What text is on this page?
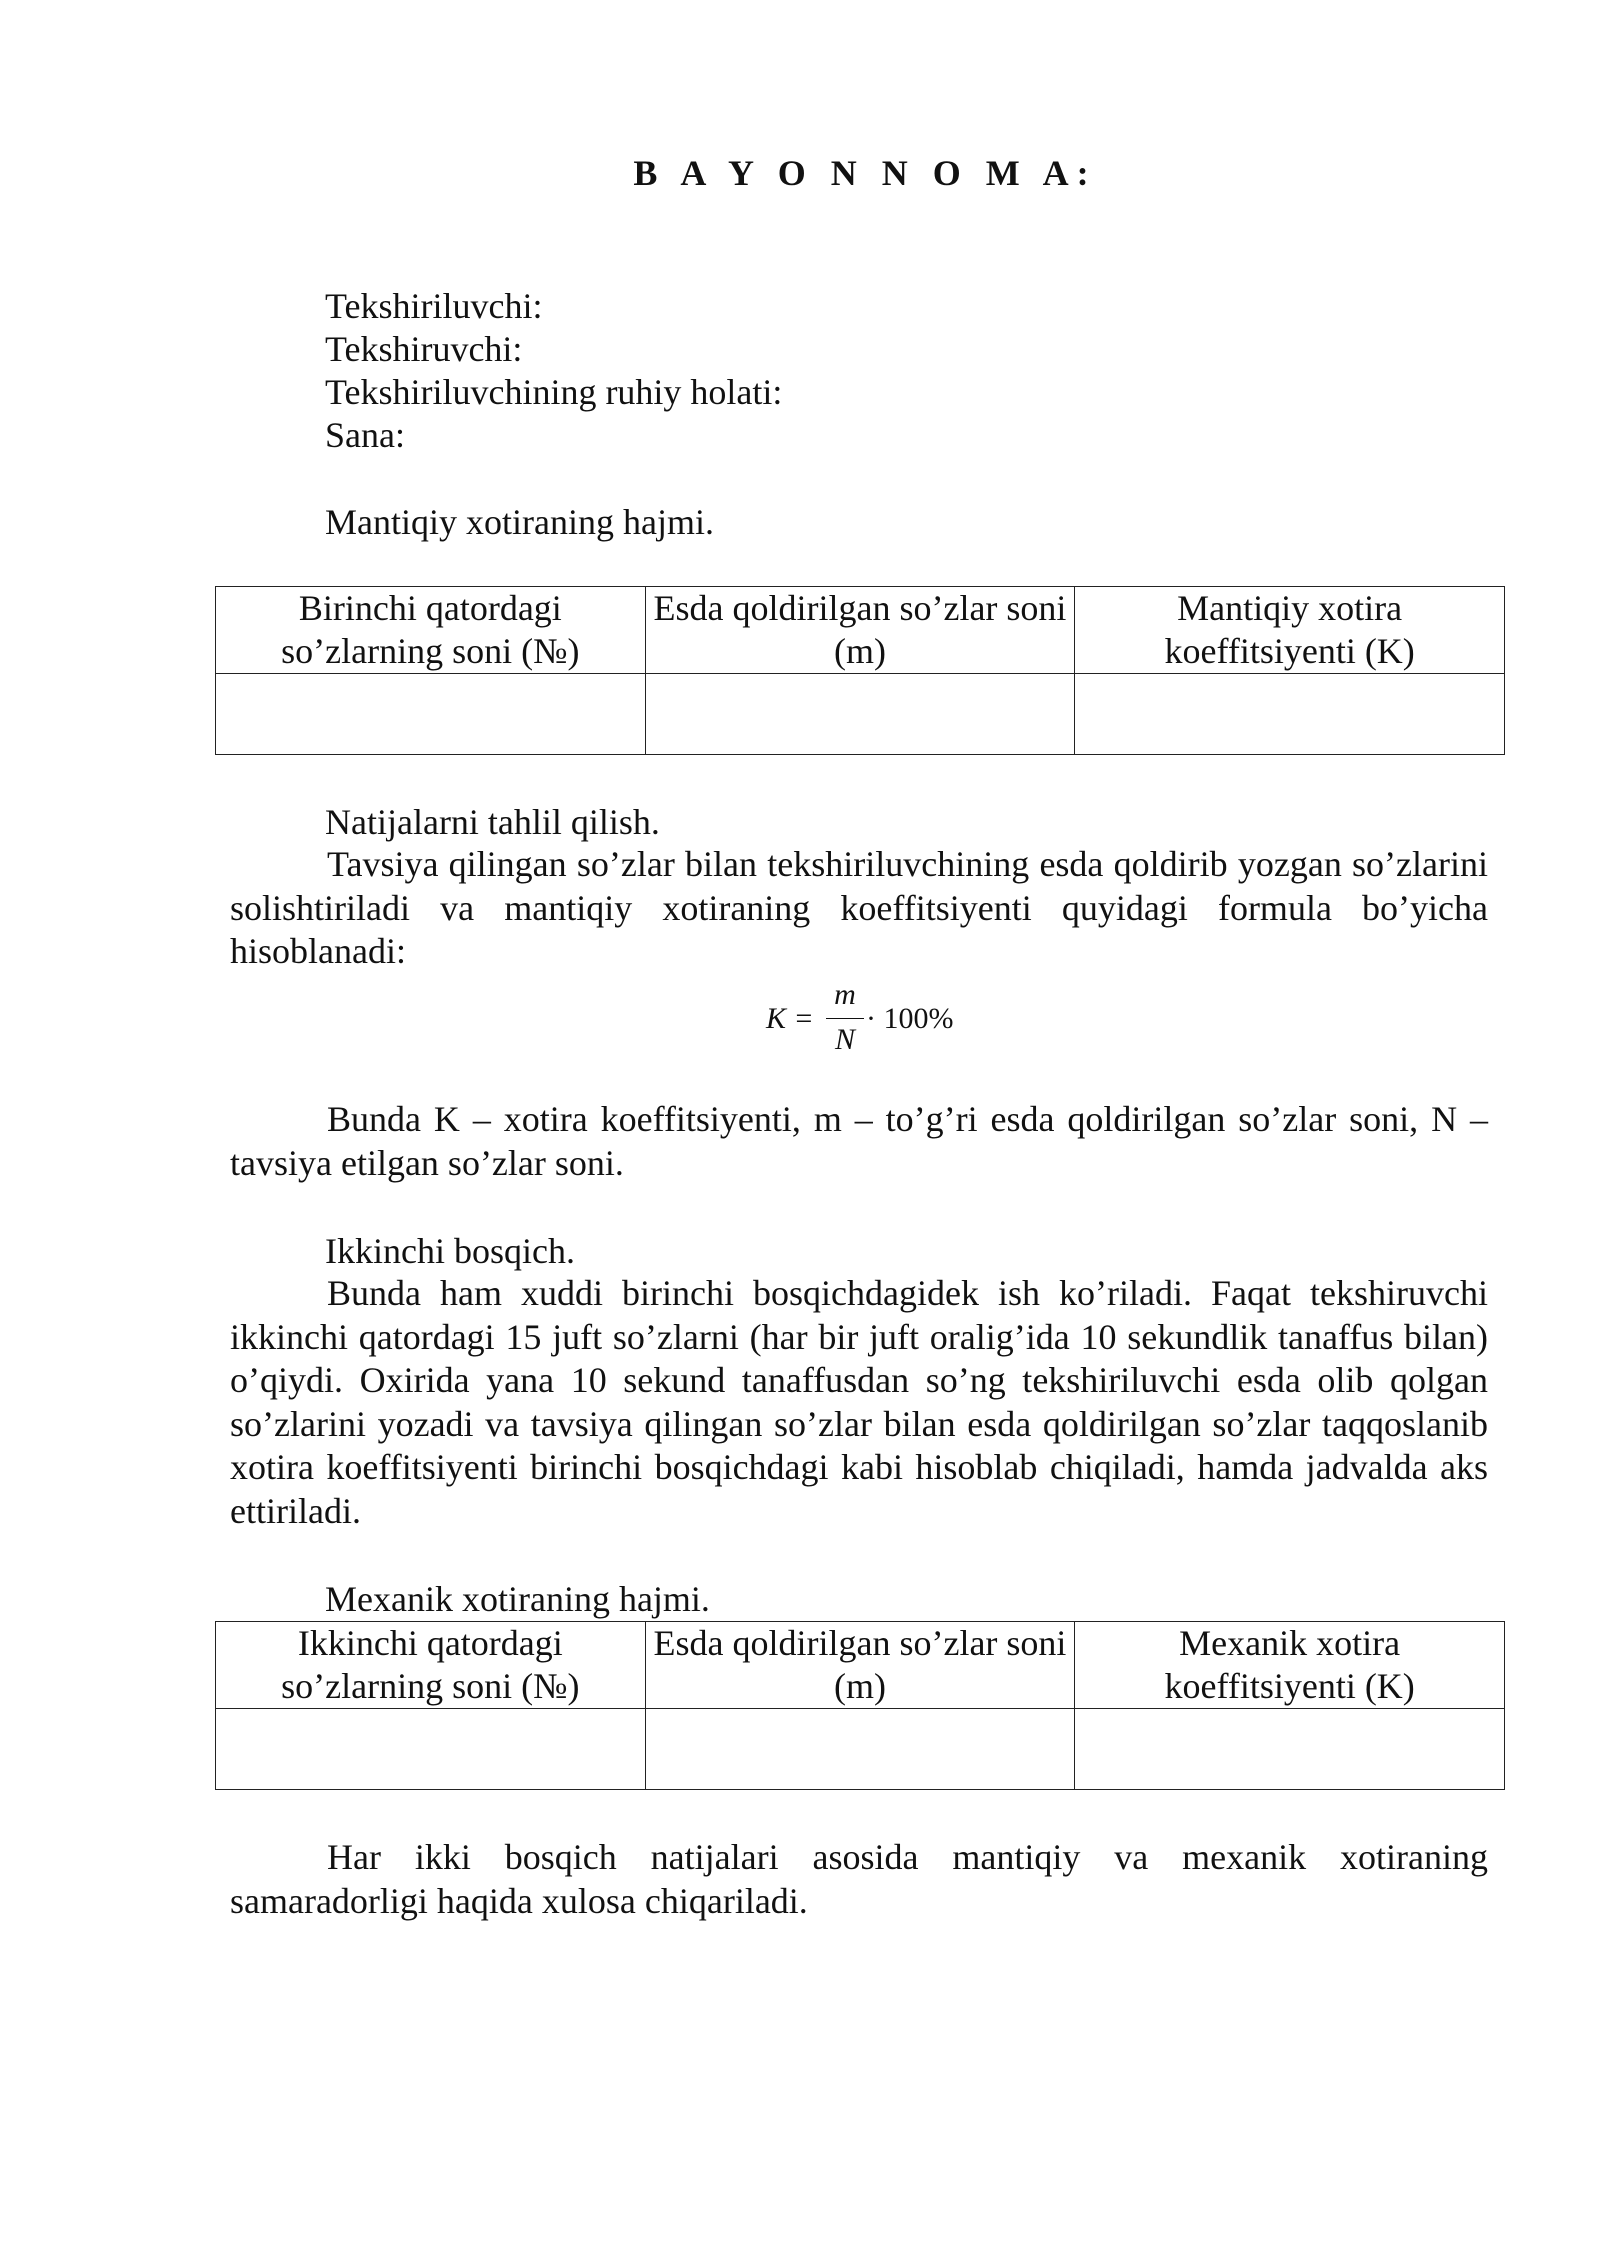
B A Y O N N O M A:
Tekshiriluvchi:
Tekshiruvchi:
Tekshiriluvchining ruhiy holati:
Sana:
Mantiqiy xotiraning hajmi.
Birinchi qatordagi so’zlarning soni (№)	Esda qoldirilgan so’zlar soni (m)	Mantiqiy xotira koeffitsiyenti (K)

Natijalarni tahlil qilish.
Tavsiya qilingan so’zlar bilan tekshiriluvchining esda qoldirib yozgan so’zlarini solishtiriladi va mantiqiy xotiraning koeffitsiyenti quyidagi formula bo’yicha hisoblanadi:
K =
m
N
· 100%
Bunda K – xotira koeffitsiyenti, m – to’g’ri esda qoldirilgan so’zlar soni, N – tavsiya etilgan so’zlar soni.
Ikkinchi bosqich.
Bunda ham xuddi birinchi bosqichdagidek ish ko’riladi. Faqat tekshiruvchi ikkinchi qatordagi 15 juft so’zlarni (har bir juft oralig’ida 10 sekundlik tanaffus bilan) o’qiydi. Oxirida yana 10 sekund tanaffusdan so’ng tekshiriluvchi esda olib qolgan so’zlarini yozadi va tavsiya qilingan so’zlar bilan esda qoldirilgan so’zlar taqqoslanib xotira koeffitsiyenti birinchi bosqichdagi kabi hisoblab chiqiladi, hamda jadvalda aks ettiriladi.
Mexanik xotiraning hajmi.
Ikkinchi qatordagi so’zlarning soni (№)	Esda qoldirilgan so’zlar soni (m)	Mexanik xotira koeffitsiyenti (K)

Har ikki bosqich natijalari asosida mantiqiy va mexanik xotiraning samaradorligi haqida xulosa chiqariladi.
